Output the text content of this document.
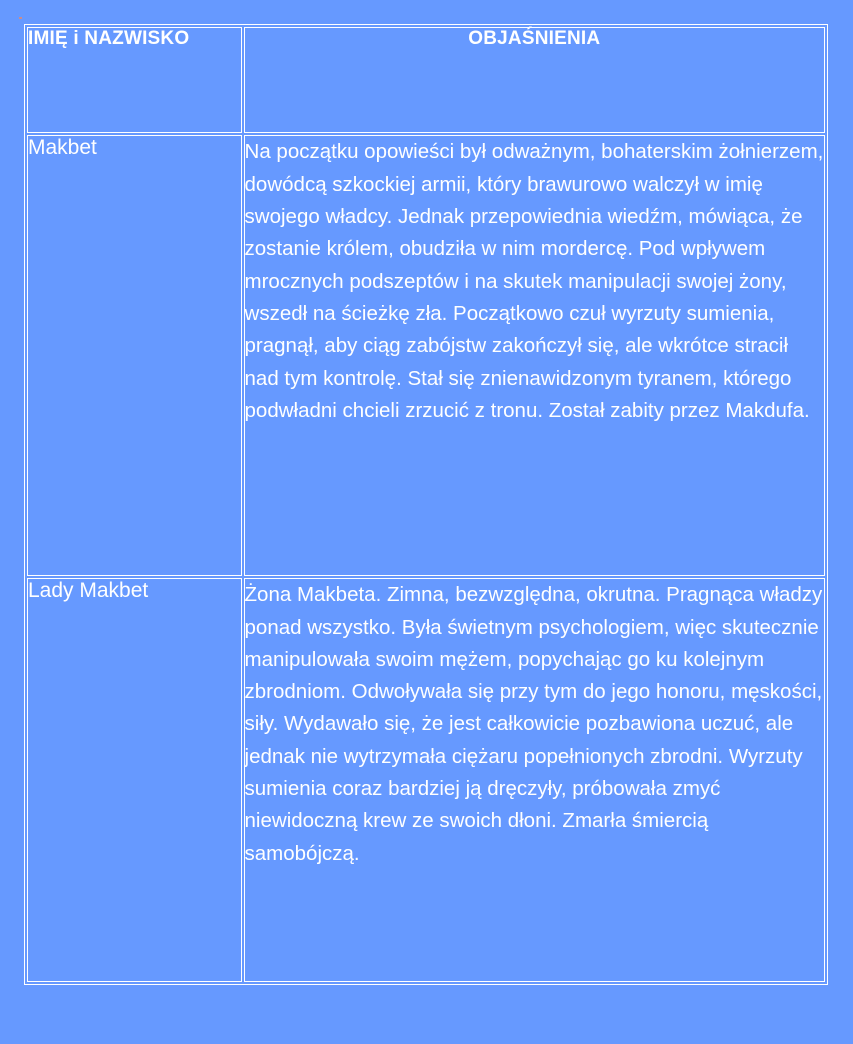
IMIĘ i NAZWISKO	OBJAŚNIENIA
Makbet	Na początku opowieści był odważnym, bohaterskim żołnierzem, dowódcą szkockiej armii, który brawurowo walczył w imię swojego władcy. Jednak przepowiednia wiedźm, mówiąca, że zostanie królem, obudziła w nim mordercę. Pod wpływem mrocznych podszeptów i na skutek manipulacji swojej żony, wszedł na ścieżkę zła. Początkowo czuł wyrzuty sumienia, pragnął, aby ciąg zabójstw zakończył się, ale wkrótce stracił nad tym kontrolę. Stał się znienawidzonym tyranem, którego podwładni chcieli zrzucić z tronu. Został zabity przez Makdufa.
Lady Makbet	Żona Makbeta. Zimna, bezwzględna, okrutna. Pragnąca władzy ponad wszystko. Była świetnym psychologiem, więc skutecznie manipulowała swoim mężem, popychając go ku kolejnym zbrodniom. Odwoływała się przy tym do jego honoru, męskości, siły. Wydawało się, że jest całkowicie pozbawiona uczuć, ale jednak nie wytrzymała ciężaru popełnionych zbrodni. Wyrzuty sumienia coraz bardziej ją dręczyły, próbowała zmyć niewidoczną krew ze swoich dłoni. Zmarła śmiercią samobójczą.
